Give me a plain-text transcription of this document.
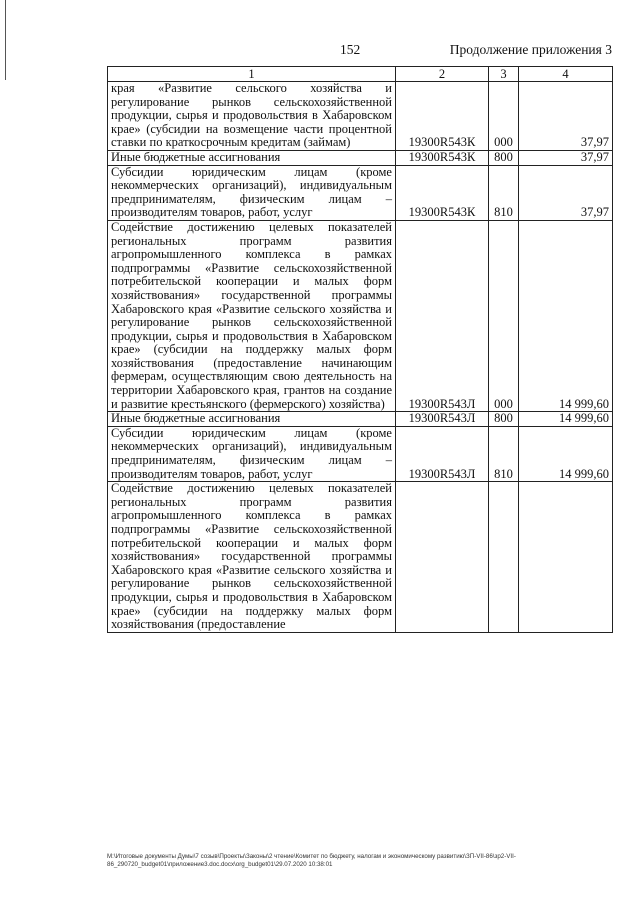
152	Продолжение приложения 3
1	2	3	4
края «Развитие сельского хозяйства и регулирование рынков сельскохозяйственной продукции, сырья и продовольствия в Хабаровском крае» (субсидии на возмещение части процентной ставки по краткосрочным кредитам (займам)	19300R543К	000	37,97
Иные бюджетные ассигнования	19300R543К	800	37,97
Субсидии юридическим лицам (кроме некоммерческих организаций), индивидуальным предпринимателям, физическим лицам – производителям товаров, работ, услуг	19300R543К	810	37,97
Содействие достижению целевых показателей региональных программ развития агропромышленного комплекса в рамках подпрограммы «Развитие сельскохозяйственной потребительской кооперации и малых форм хозяйствования» государственной программы Хабаровского края «Развитие сельского хозяйства и регулирование рынков сельскохозяйственной продукции, сырья и продовольствия в Хабаровском крае» (субсидии на поддержку малых форм хозяйствования (предоставление начинающим фермерам, осуществляющим свою деятельность на территории Хабаровского края, грантов на создание и развитие крестьянского (фермерского) хозяйства)	19300R543Л	000	14 999,60
Иные бюджетные ассигнования	19300R543Л	800	14 999,60
Субсидии юридическим лицам (кроме некоммерческих организаций), индивидуальным предпринимателям, физическим лицам – производителям товаров, работ, услуг	19300R543Л	810	14 999,60
Содействие достижению целевых показателей региональных программ развития агропромышленного комплекса в рамках подпрограммы «Развитие сельскохозяйственной потребительской кооперации и малых форм хозяйствования» государственной программы Хабаровского края «Развитие сельского хозяйства и регулирование рынков сельскохозяйственной продукции, сырья и продовольствия в Хабаровском крае» (субсидии на поддержку малых форм хозяйствования (предоставление			
M:\Итоговые документы Думы\7 созыв\Проекты\Законы\2 чтение\Комитет по бюджету, налогам и экономическому развитию\ЗП-VII-86\зр2-VII-86_290720_budget01\приложение3.doc.docx\org_budget01\29.07.2020 10:38:01
